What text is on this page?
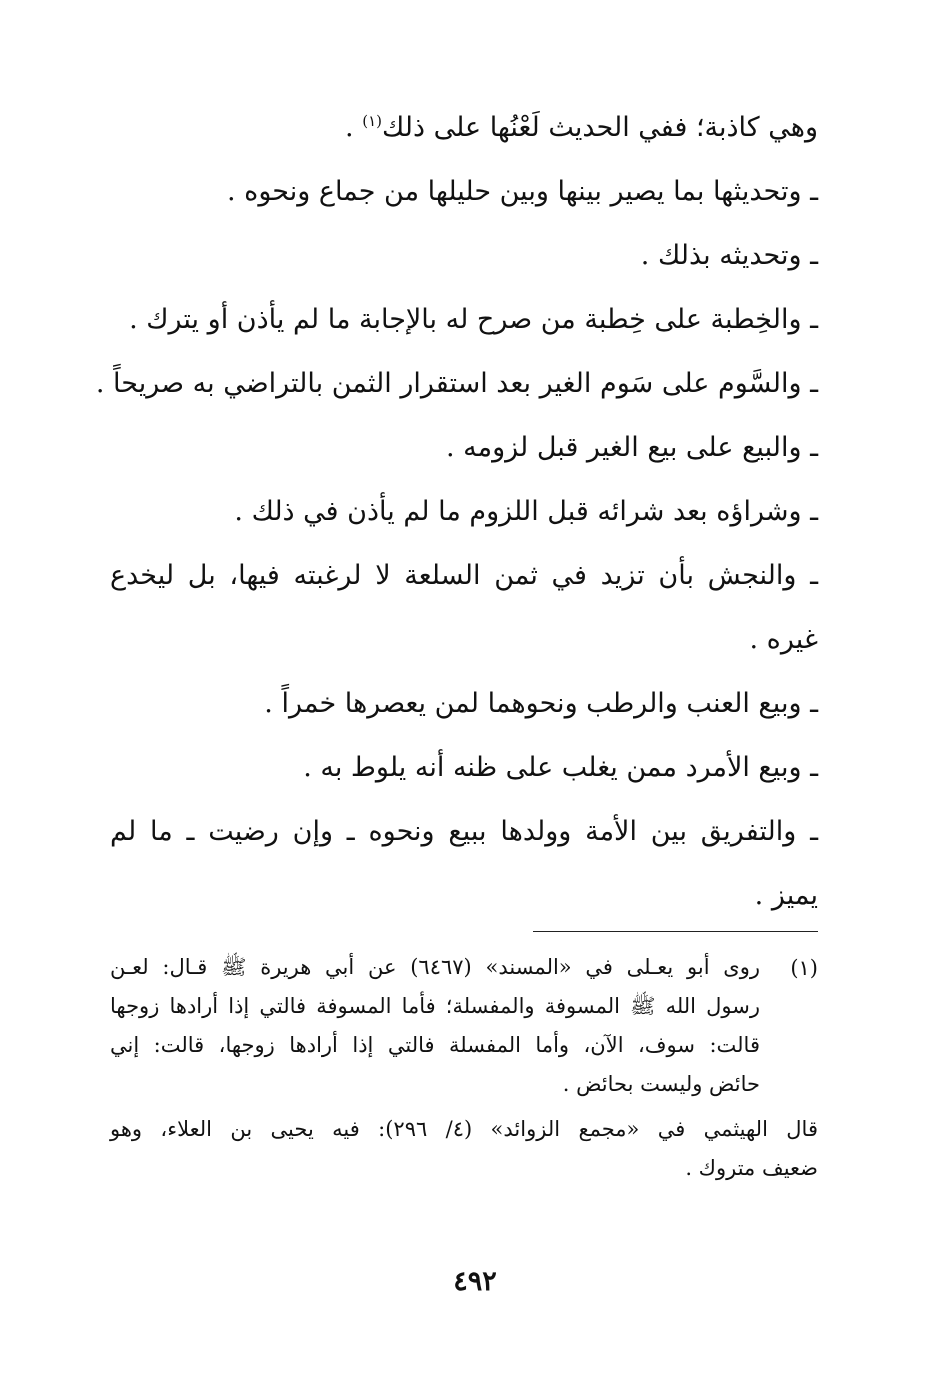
وهي كاذبة؛ ففي الحديث لَعْنُها على ذلك$^{(١)}$ .
ـ وتحديثها بما يصير بينها وبين حليلها من جماع ونحوه .
ـ وتحديثه بذلك .
ـ والخِطبة على خِطبة من صرح له بالإجابة ما لم يأذن أو يترك .
ـ والسَّوم على سَوم الغير بعد استقرار الثمن بالتراضي به صريحاً .
ـ والبيع على بيع الغير قبل لزومه .
ـ وشراؤه بعد شرائه قبل اللزوم ما لم يأذن في ذلك .
ـ والنجش بأن تزيد في ثمن السلعة لا لرغبته فيها، بل ليخدع
غيره .
ـ وبيع العنب والرطب ونحوهما لمن يعصرها خمراً .
ـ وبيع الأمرد ممن يغلب على ظنه أنه يلوط به .
ـ والتفريق بين الأمة وولدها ببيع ونحوه ـ وإن رضيت ـ ما لم
يميز .
(١)
روى أبو يعـلى في «المسند» (٦٤٦٧) عن أبي هريرة ﷺ قـال: لعـن
رسول الله ﷺ المسوفة والمفسلة؛ فأما المسوفة فالتي إذا أرادها زوجها
قالت: سوف، الآن، وأما المفسلة فالتي إذا أرادها زوجها، قالت: إني
حائض وليست بحائض .
قال الهيثمي في «مجمع الزوائد» (٤/ ٢٩٦): فيه يحيى بن العلاء، وهو
ضعيف متروك .
٤٩٢
